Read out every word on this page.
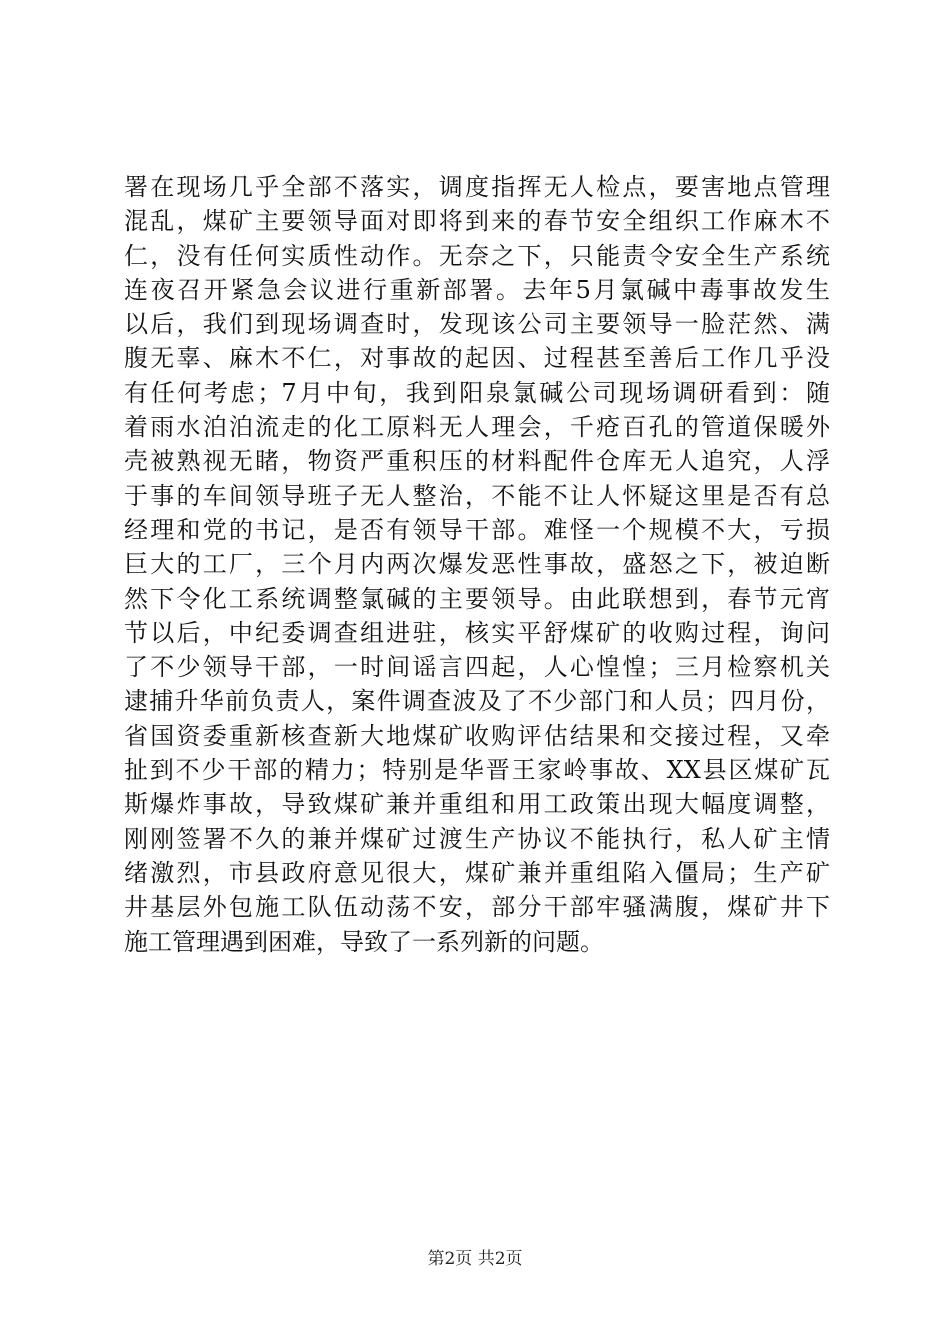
署在现场几乎全部不落实，调度指挥无人检点，要害地点管理
混乱，煤矿主要领导面对即将到来的春节安全组织工作麻木不
仁，没有任何实质性动作。无奈之下，只能责令安全生产系统
连夜召开紧急会议进行重新部署。去年5月氯碱中毒事故发生
以后，我们到现场调查时，发现该公司主要领导一脸茫然、满
腹无辜、麻木不仁，对事故的起因、过程甚至善后工作几乎没
有任何考虑；7月中旬，我到阳泉氯碱公司现场调研看到：随
着雨水泊泊流走的化工原料无人理会，千疮百孔的管道保暖外
壳被熟视无睹，物资严重积压的材料配件仓库无人追究，人浮
于事的车间领导班子无人整治，不能不让人怀疑这里是否有总
经理和党的书记，是否有领导干部。难怪一个规模不大，亏损
巨大的工厂，三个月内两次爆发恶性事故，盛怒之下，被迫断
然下令化工系统调整氯碱的主要领导。由此联想到，春节元宵
节以后，中纪委调查组进驻，核实平舒煤矿的收购过程，询问
了不少领导干部，一时间谣言四起，人心惶惶；三月检察机关
逮捕升华前负责人，案件调查波及了不少部门和人员；四月份，
省国资委重新核查新大地煤矿收购评估结果和交接过程，又牵
扯到不少干部的精力；特别是华晋王家岭事故、XX县区煤矿瓦
斯爆炸事故，导致煤矿兼并重组和用工政策出现大幅度调整，
刚刚签署不久的兼并煤矿过渡生产协议不能执行，私人矿主情
绪激烈，市县政府意见很大，煤矿兼并重组陷入僵局；生产矿
井基层外包施工队伍动荡不安，部分干部牢骚满腹，煤矿井下
施工管理遇到困难，导致了一系列新的问题。
第2页 共2页
